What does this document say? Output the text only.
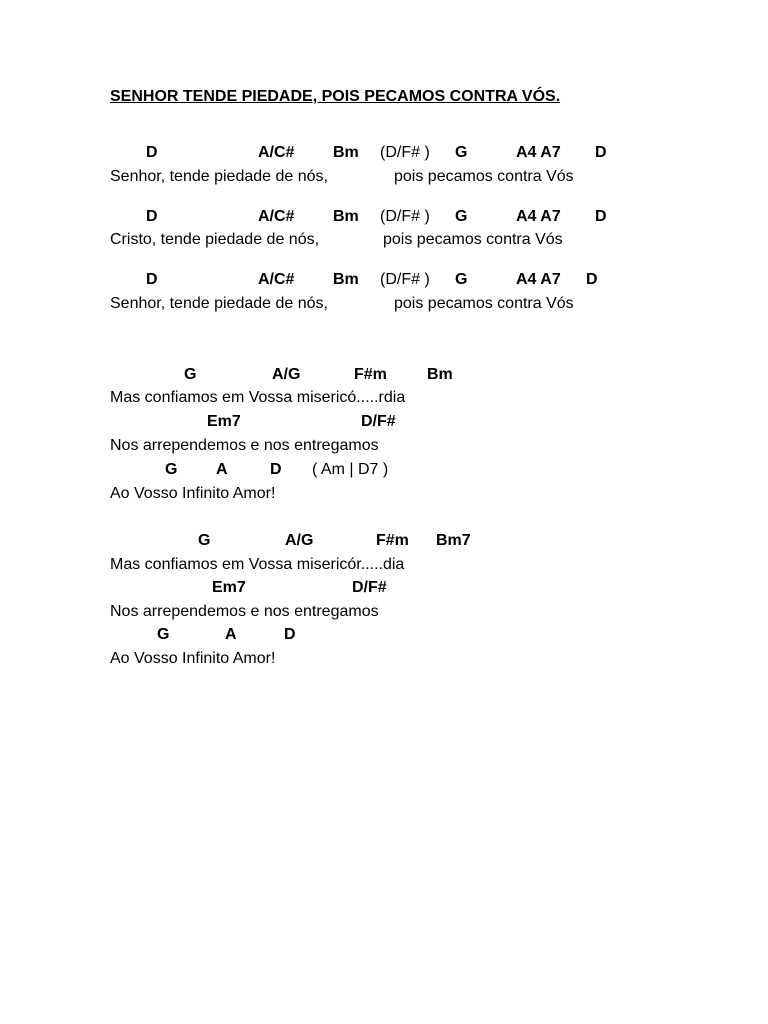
SENHOR TENDE PIEDADE, POIS PECAMOS CONTRA VÓS.
D	A/C# Bm (D/F# ) G	A4 A7 D
Senhor, tende piedade de nós,	pois pecamos contra Vós
D	A/C# Bm (D/F# ) G	A4 A7 D
Cristo, tende piedade de nós,	pois pecamos contra Vós
D	A/C# Bm (D/F# ) G	A4 A7 D
Senhor, tende piedade de nós,	pois pecamos contra Vós
G	A/G	F#m	Bm
Mas confiamos em Vossa misericó.....rdia
Em7	D/F#
Nos arrependemos e nos entregamos
G A	D ( Am | D7 )
Ao Vosso Infinito Amor!
G	A/G	F#m Bm7
Mas confiamos em Vossa misericór.....dia
Em7	D/F#
Nos arrependemos e nos entregamos
G	A	D
Ao Vosso Infinito Amor!
